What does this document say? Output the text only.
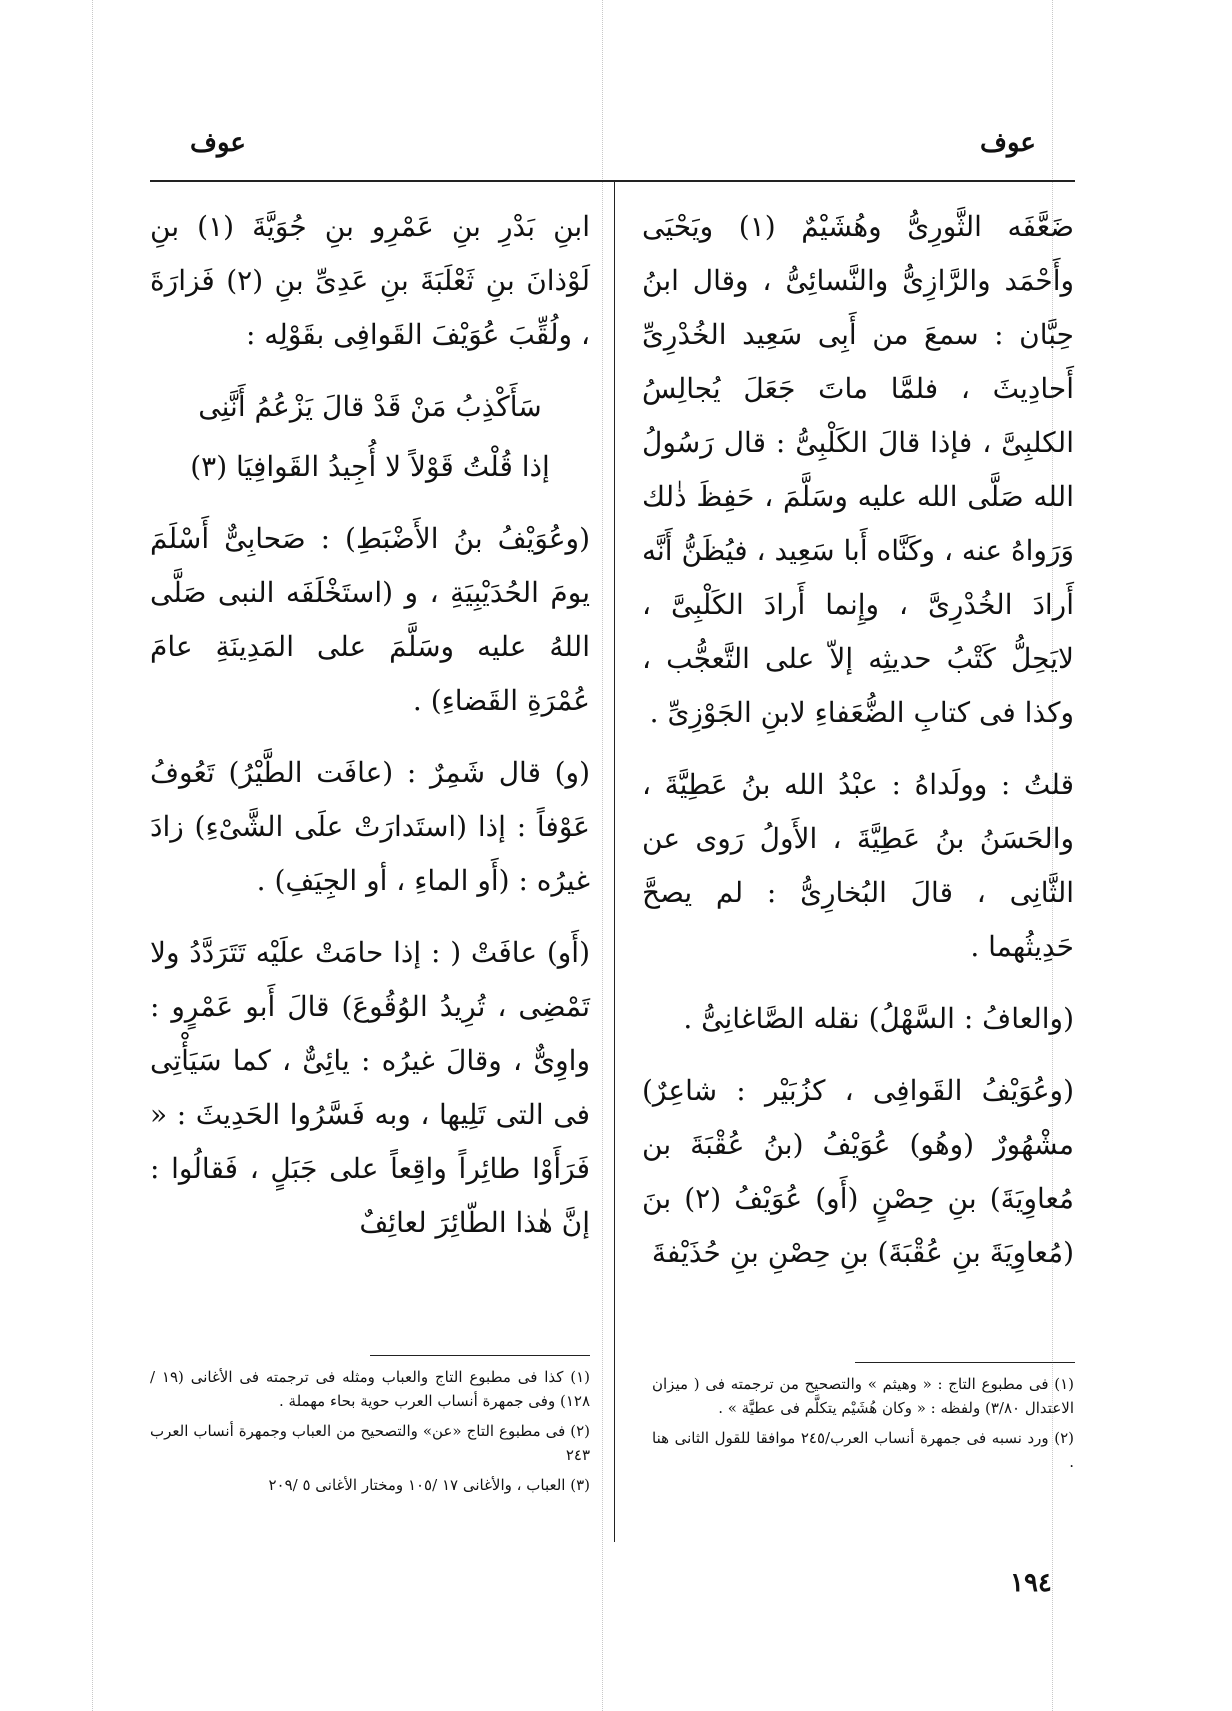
عوف
عوف

ضَعَّفَه الثَّورِىُّ وهُشَيْمٌ (١) ويَحْيَى وأَحْمَد والرَّازِىُّ والنَّسائِىُّ ، وقال ابنُ حِبَّان : سمعَ من أَبِى سَعِيد الخُدْرِىِّ أَحادِيثَ ، فلمَّا ماتَ جَعَلَ يُجالِسُ الكلبِىَّ ، فإذا قالَ الكَلْبِىُّ : قال رَسُولُ الله صَلَّى الله عليه وسَلَّمَ ، حَفِظَ ذٰلك وَرَواهُ عنه ، وكَنَّاه أَبا سَعِيد ، فيُظَنُّ أَنَّه أَرادَ الخُدْرِىَّ ، وإِنما أَرادَ الكَلْبِىَّ ، لايَحِلُّ كَتْبُ حديثِه إلاّ على التَّعجُّب ، وكذا فى كتابِ الضُّعَفاءِ لابنِ الجَوْزِىِّ .

قلتُ : وولَداهُ : عبْدُ الله بنُ عَطِيَّةَ ، والحَسَنُ بنُ عَطِيَّةَ ، الأَولُ رَوى عن الثَّانِى ، قالَ البُخارِىُّ : لم يصحَّ حَدِيثُهما .

(والعافُ : السَّهْلُ) نقله الصَّاغانِىُّ .

(وعُوَيْفُ القَوافِى ، كزُبَيْر : شاعِرٌ) مشْهُورٌ (وهُو) عُوَيْفُ (بنُ عُقْبَةَ بن مُعاوِيَةَ) بنِ حِصْنٍ (أَو) عُوَيْفُ (٢) بنَ (مُعاوِيَةَ بنِ عُقْبَةَ) بنِ حِصْنِ بنِ حُذَيْفةَ

ابنِ بَدْرِ بنِ عَمْرِو بنِ جُوَيَّةَ (١) بنِ لَوْذانَ بنِ ثَعْلَبَةَ بنِ عَدِىِّ بنِ (٢) فَزارَةَ ، ولُقِّبَ عُوَيْفَ القَوافِى بقَوْلِه :

سَأَكْذِبُ مَنْ قَدْ قالَ يَزْعُمُ أَنَّنِى

إذا قُلْتُ قَوْلاً لا أُجِيدُ القَوافِيَا (٣)

(وعُوَيْفُ بنُ الأَضْبَطِ) : صَحابِىٌّ أَسْلَمَ يومَ الحُدَيْبِيَةِ ، و (استَخْلَفَه النبى صَلَّى اللهُ عليه وسَلَّمَ على المَدِينَةِ عامَ عُمْرَةِ القَضاءِ) .

(و) قال شَمِرٌ : (عافَت الطَّيْرُ) تَعُوفُ عَوْفاً : إذا (استَدارَتْ علَى الشَّىْءِ) زادَ غيرُه : (أَو الماءِ ، أو الجِيَفِ) .

(أَو) عافَتْ ( : إذا حامَتْ علَيْه تَتَرَدَّدُ ولا تَمْضِى ، تُرِيدُ الوُقُوعَ) قالَ أَبو عَمْرٍو : واوِىٌّ ، وقالَ غيرُه : يائِىٌّ ، كما سَيَأْتِى فى التى تَلِيها ، وبه فَسَّرُوا الحَدِيثَ : « فَرَأَوْا طائِراً واقِعاً على جَبَلٍ ، فَقالُوا : إنَّ هٰذا الطّائِرَ لعائِفٌ

(١) كذا فى مطبوع التاج والعباب ومثله فى ترجمته فى الأغانى (١٩ /١٢٨) وفى جمهرة أنساب العرب حوية بحاء مهملة .
(٢) فى مطبوع التاج «عن» والتصحيح من العباب وجمهرة أنساب العرب ٢٤٣
(٣) العباب ، والأغانى ١٧ /١٠٥ ومختار الأغانى ٥ /٢٠٩
(١) فى مطبوع التاج : « وهيثم » والتصحيح من ترجمته فى ( ميزان الاعتدال ٣/٨٠) ولفظه : « وكان هُشَيْم يتكلَّم فى عطيَّة » .
(٢) ورد نسبه فى جمهرة أنساب العرب/٢٤٥ موافقا للقول الثانى هنا .
١٩٤
